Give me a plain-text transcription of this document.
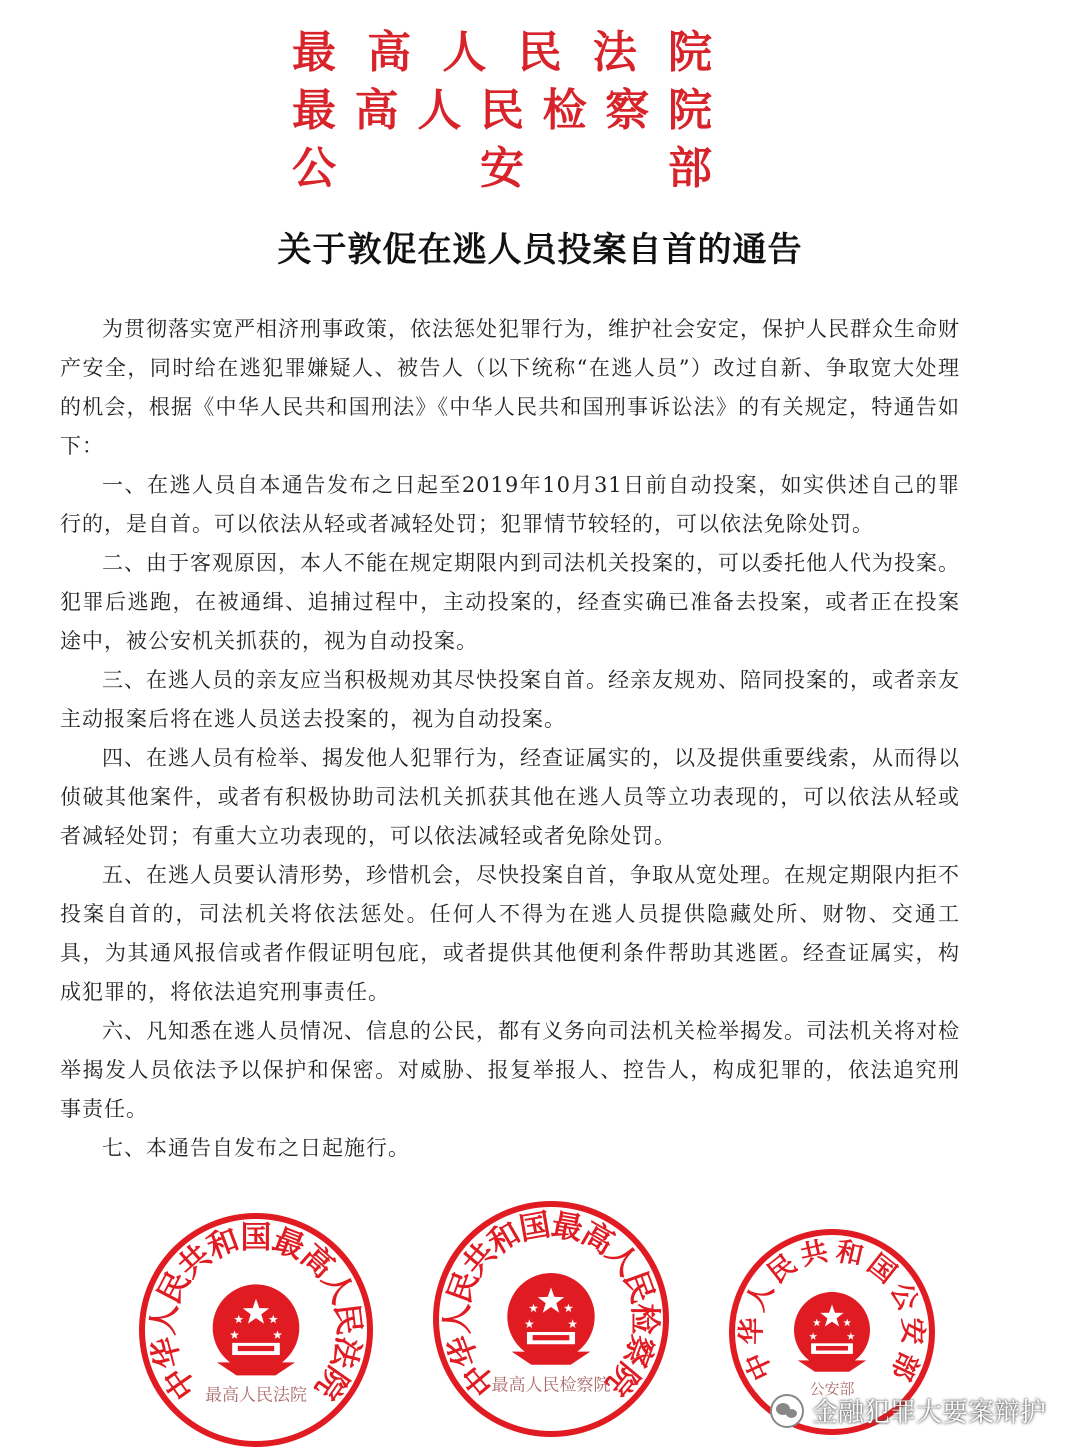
最 高 人 民 法 院
最 高 人 民 检 察 院
公	安	部
关于敦促在逃人员投案自首的通告

为贯彻落实宽严相济刑事政策，依法惩处犯罪行为，维护社会安定，保护人民群众生命财产安全，同时给在逃犯罪嫌疑人、被告人（以下统称“在逃人员”）改过自新、争取宽大处理的机会，根据《中华人民共和国刑法》《中华人民共和国刑事诉讼法》的有关规定，特通告如下：

一、在逃人员自本通告发布之日起至2019年10月31日前自动投案，如实供述自己的罪行的，是自首。可以依法从轻或者减轻处罚；犯罪情节较轻的，可以依法免除处罚。

二、由于客观原因，本人不能在规定期限内到司法机关投案的，可以委托他人代为投案。犯罪后逃跑，在被通缉、追捕过程中，主动投案的，经查实确已准备去投案，或者正在投案途中，被公安机关抓获的，视为自动投案。

三、在逃人员的亲友应当积极规劝其尽快投案自首。经亲友规劝、陪同投案的，或者亲友主动报案后将在逃人员送去投案的，视为自动投案。

四、在逃人员有检举、揭发他人犯罪行为，经查证属实的，以及提供重要线索，从而得以侦破其他案件，或者有积极协助司法机关抓获其他在逃人员等立功表现的，可以依法从轻或者减轻处罚；有重大立功表现的，可以依法减轻或者免除处罚。

五、在逃人员要认清形势，珍惜机会，尽快投案自首，争取从宽处理。在规定期限内拒不投案自首的，司法机关将依法惩处。任何人不得为在逃人员提供隐藏处所、财物、交通工具，为其通风报信或者作假证明包庇，或者提供其他便利条件帮助其逃匿。经查证属实，构成犯罪的，将依法追究刑事责任。

六、凡知悉在逃人员情况、信息的公民，都有义务向司法机关检举揭发。司法机关将对检举揭发人员依法予以保护和保密。对威胁、报复举报人、控告人，构成犯罪的，依法追究刑事责任。

七、本通告自发布之日起施行。

中
华
人
民
共
和
国
最
高
人
民
法
院
最高人民法院	中
华
人
民
共
和
国
最
高
人
民
检
察
院
最高人民检察院
中
华
人
民
共 和
国
公
安
部
公安部
金融犯罪大要案辩护
